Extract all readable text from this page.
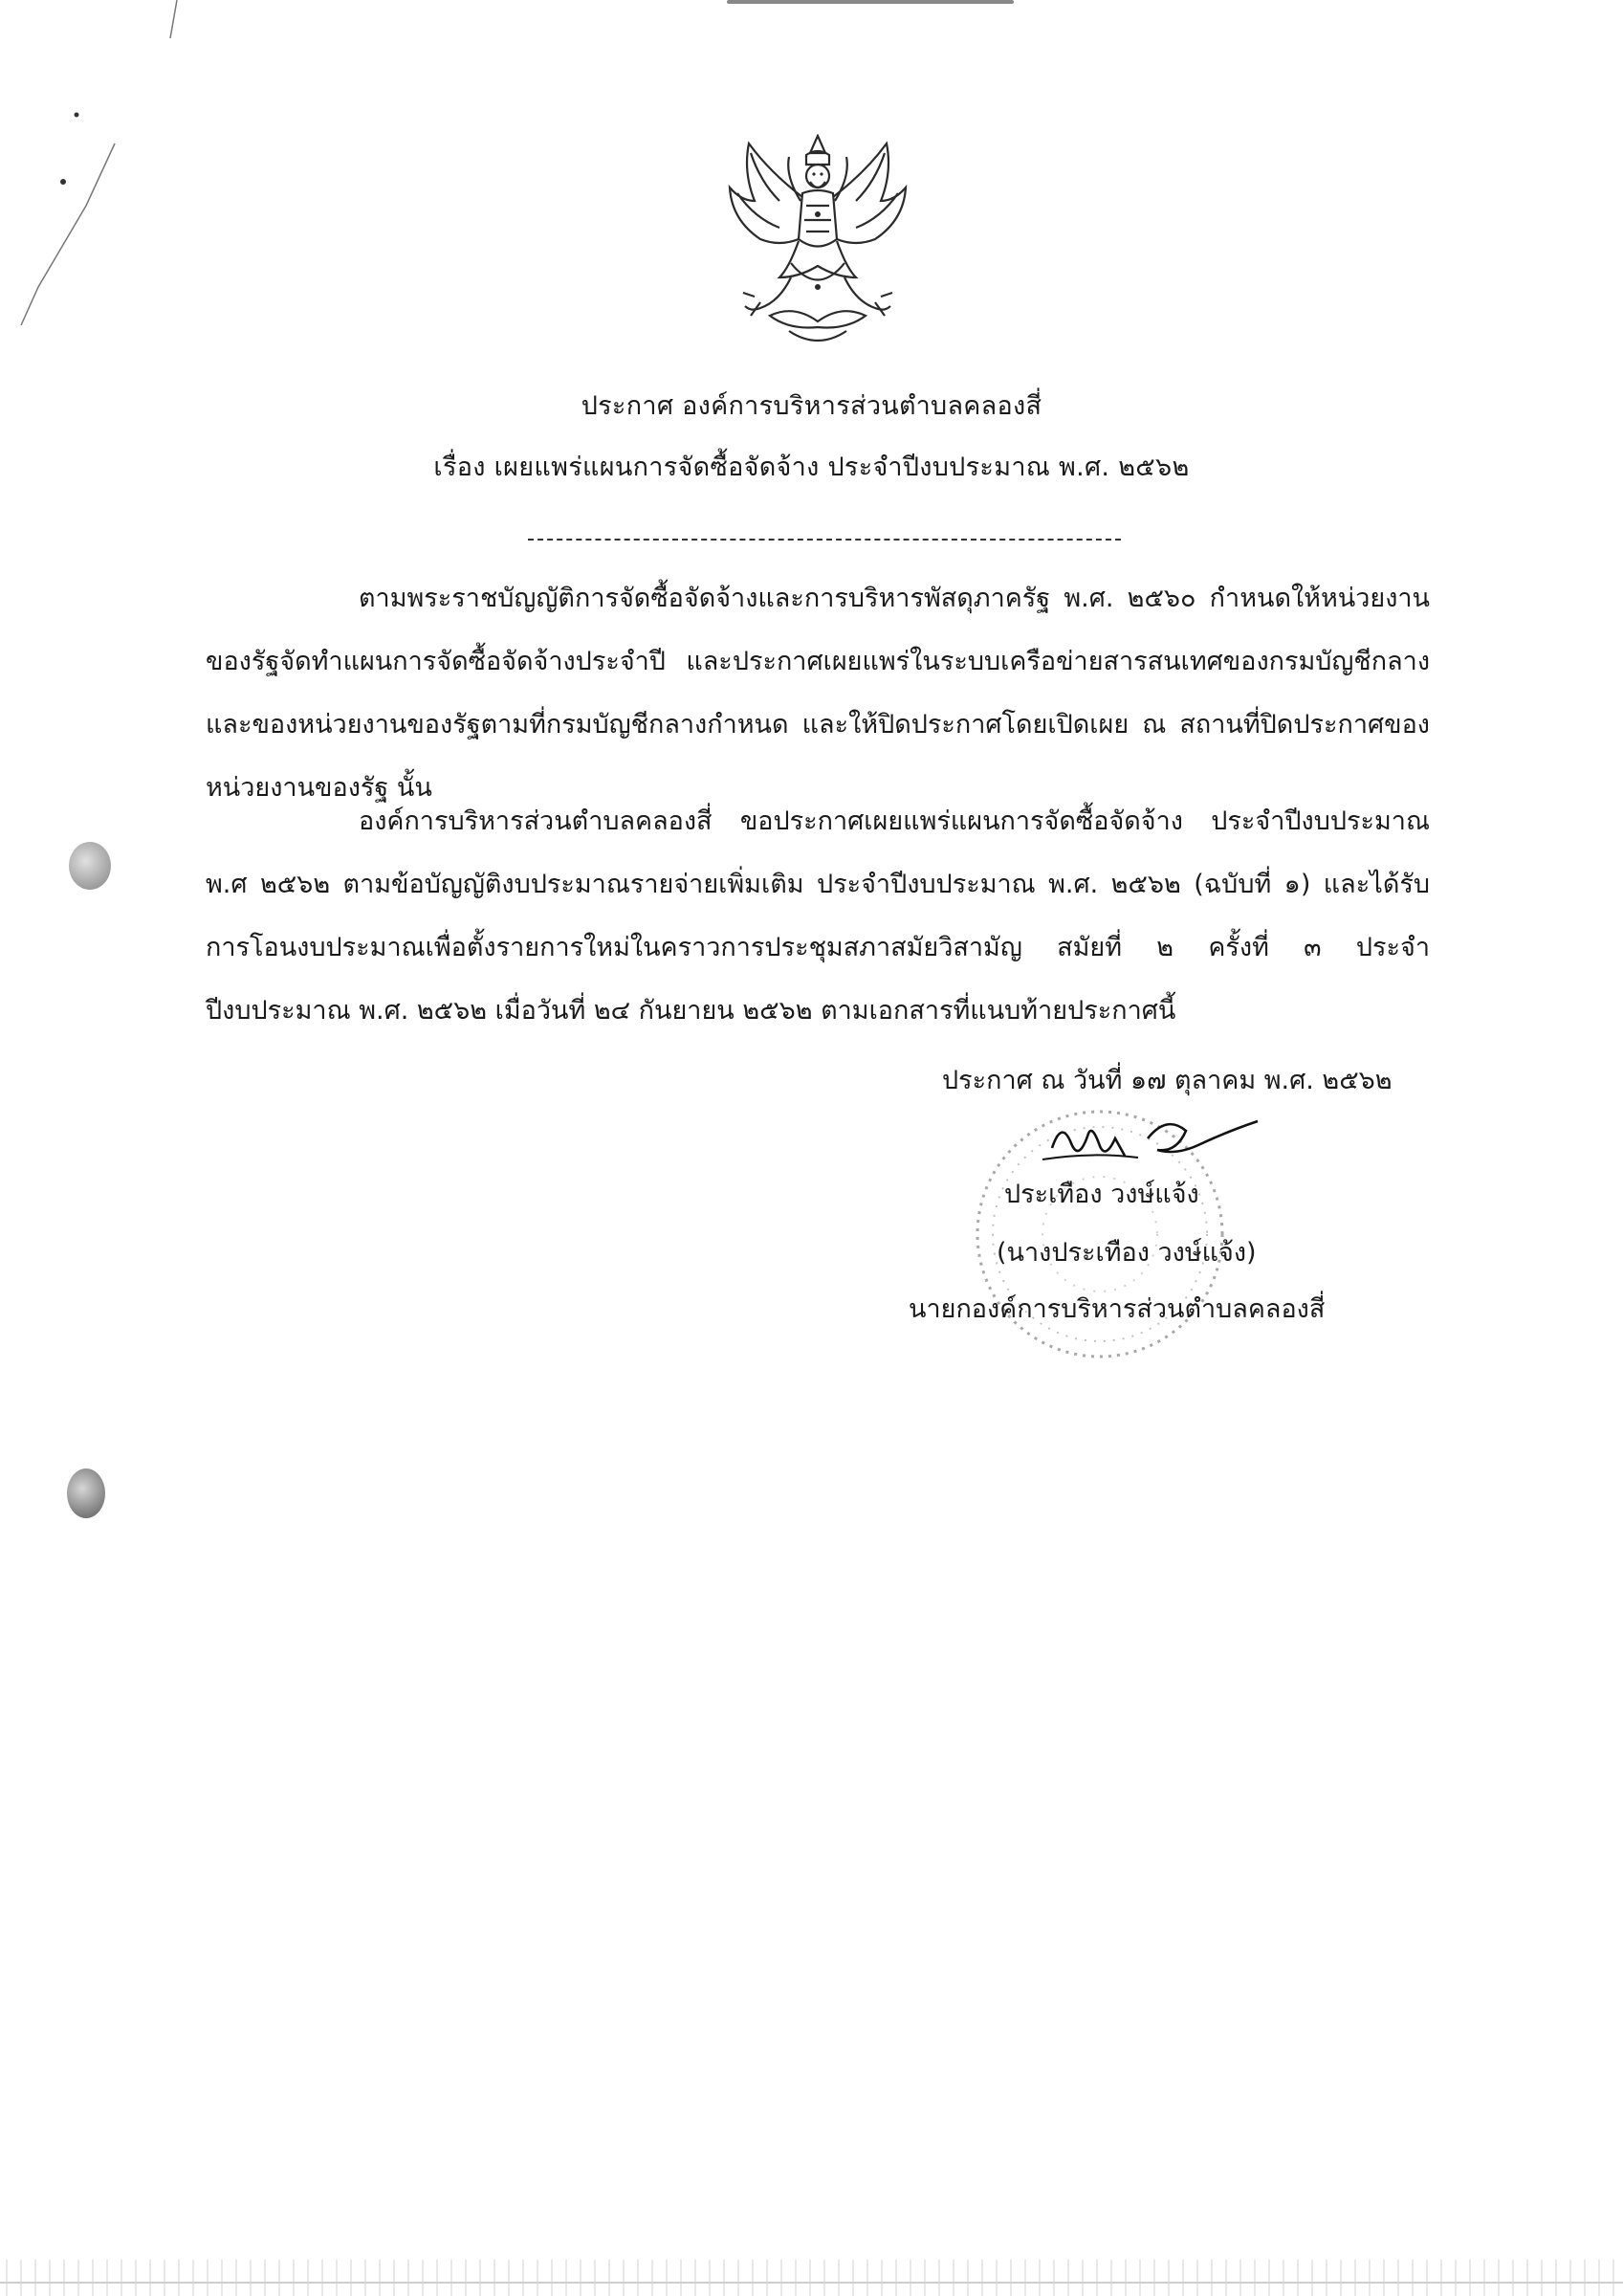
ประกาศ องค์การบริหารส่วนตำบลคลองสี่
เรื่อง เผยแพร่แผนการจัดซื้อจัดจ้าง ประจำปีงบประมาณ พ.ศ. ๒๕๖๒
ตามพระราชบัญญัติการจัดซื้อจัดจ้างและการบริหารพัสดุภาครัฐ พ.ศ. ๒๕๖๐ กำหนดให้หน่วยงานของรัฐจัดทำแผนการจัดซื้อจัดจ้างประจำปี และประกาศเผยแพร่ในระบบเครือข่ายสารสนเทศของกรมบัญชีกลางและของหน่วยงานของรัฐตามที่กรมบัญชีกลางกำหนด และให้ปิดประกาศโดยเปิดเผย ณ สถานที่ปิดประกาศของหน่วยงานของรัฐ นั้น
องค์การบริหารส่วนตำบลคลองสี่ ขอประกาศเผยแพร่แผนการจัดซื้อจัดจ้าง ประจำปีงบประมาณ พ.ศ ๒๕๖๒ ตามข้อบัญญัติงบประมาณรายจ่ายเพิ่มเติม ประจำปีงบประมาณ พ.ศ. ๒๕๖๒ (ฉบับที่ ๑) และได้รับการโอนงบประมาณเพื่อตั้งรายการใหม่ในคราวการประชุมสภาสมัยวิสามัญ สมัยที่ ๒ ครั้งที่ ๓ ประจำปีงบประมาณ พ.ศ. ๒๕๖๒ เมื่อวันที่ ๒๔ กันยายน ๒๕๖๒ ตามเอกสารที่แนบท้ายประกาศนี้
ประกาศ ณ วันที่ ๑๗ ตุลาคม พ.ศ. ๒๕๖๒
ประเทือง วงษ์แจ้ง
(นางประเทือง วงษ์แจ้ง)
นายกองค์การบริหารส่วนตำบลคลองสี่
